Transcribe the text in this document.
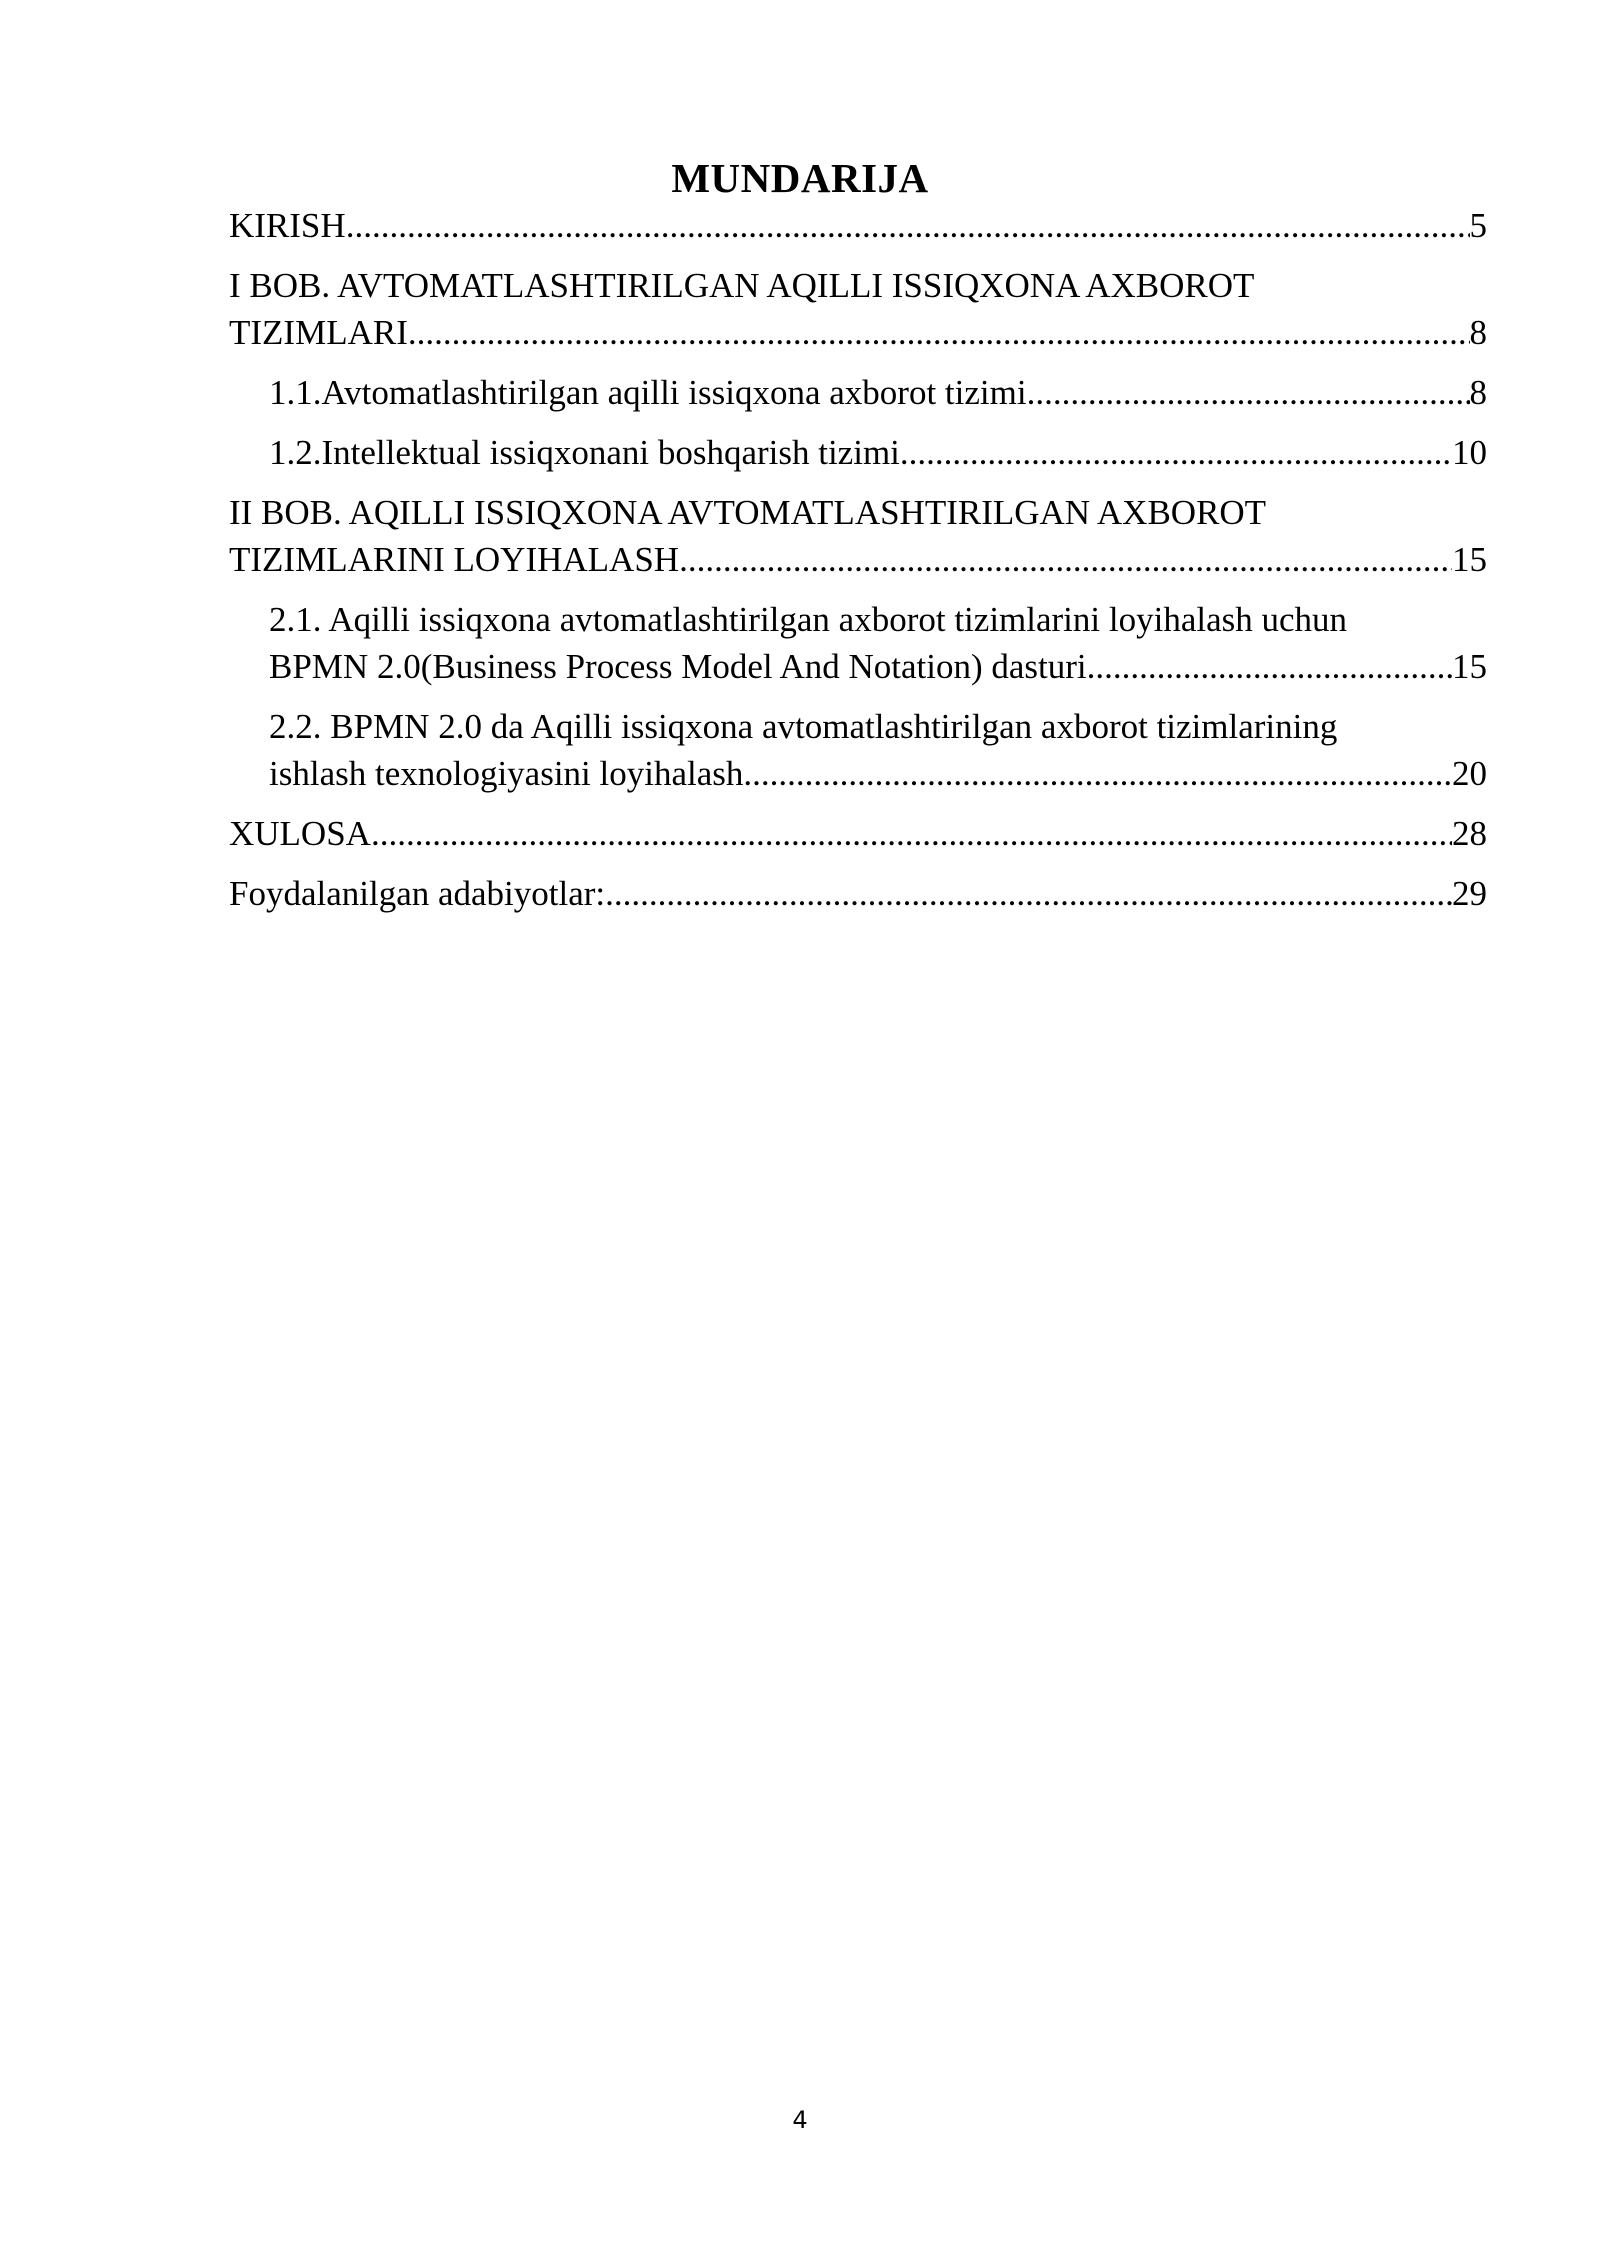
MUNDARIJA
KIRISH .....	5
I BOB. AVTOMATLASHTIRILGAN AQILLI ISSIQXONA AXBOROT
TIZIMLARI .....	8
1.1. Avtomatlashtirilgan aqilli issiqxona axborot tizimi .....	8
1.2. Intellektual issiqxonani boshqarish tizimi .....	10
II BOB. AQILLI ISSIQXONA AVTOMATLASHTIRILGAN AXBOROT
TIZIMLARINI LOYIHALASH .....	15
2.1. Aqilli issiqxona avtomatlashtirilgan axborot tizimlarini loyihalash uchun
BPMN 2.0(Business Process Model And Notation) dasturi .....	15
2.2. BPMN 2.0 da Aqilli issiqxona avtomatlashtirilgan axborot tizimlarining
ishlash texnologiyasini loyihalash .....	20
XULOSA .....	28
Foydalanilgan adabiyotlar: .....	29
4
